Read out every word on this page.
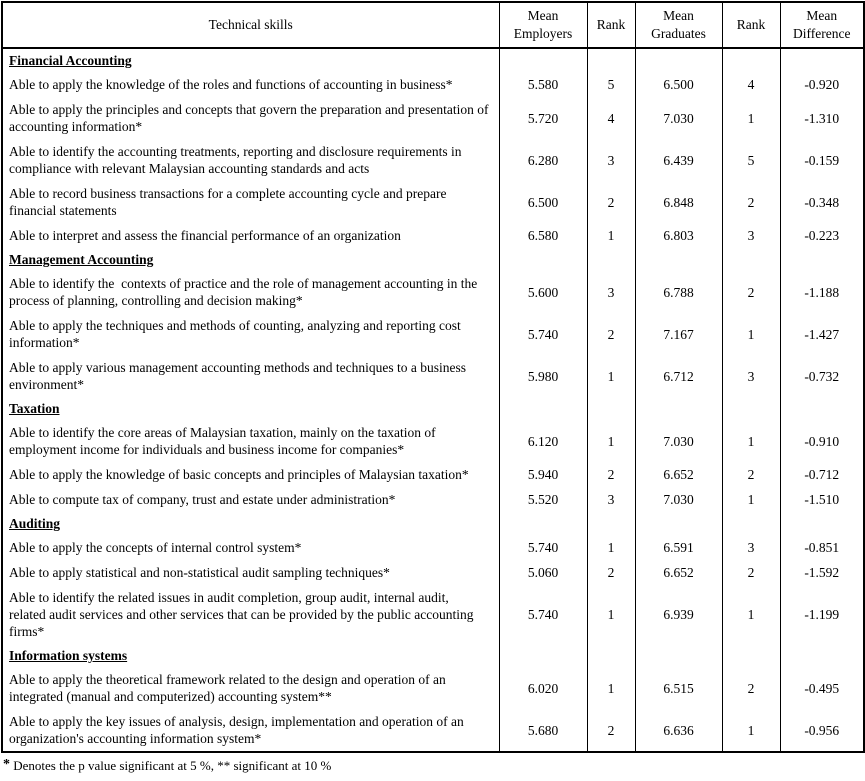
Technical skills	Mean Employers	Rank	Mean Graduates	Rank	Mean Difference
Financial Accounting					
Able to apply the knowledge of the roles and functions of accounting in business*	5.580	5	6.500	4	-0.920
Able to apply the principles and concepts that govern the preparation and presentation of accounting information*	5.720	4	7.030	1	-1.310
Able to identify the accounting treatments, reporting and disclosure requirements in compliance with relevant Malaysian accounting standards and acts	6.280	3	6.439	5	-0.159
Able to record business transactions for a complete accounting cycle and prepare financial statements	6.500	2	6.848	2	-0.348
Able to interpret and assess the financial performance of an organization	6.580	1	6.803	3	-0.223
Management Accounting					
Able to identify the  contexts of practice and the role of management accounting in the process of planning, controlling and decision making*	5.600	3	6.788	2	-1.188
Able to apply the techniques and methods of counting, analyzing and reporting cost information*	5.740	2	7.167	1	-1.427
Able to apply various management accounting methods and techniques to a business environment*	5.980	1	6.712	3	-0.732
Taxation					
Able to identify the core areas of Malaysian taxation, mainly on the taxation of employment income for individuals and business income for companies*	6.120	1	7.030	1	-0.910
Able to apply the knowledge of basic concepts and principles of Malaysian taxation*	5.940	2	6.652	2	-0.712
Able to compute tax of company, trust and estate under administration*	5.520	3	7.030	1	-1.510
Auditing					
Able to apply the concepts of internal control system*	5.740	1	6.591	3	-0.851
Able to apply statistical and non-statistical audit sampling techniques*	5.060	2	6.652	2	-1.592
Able to identify the related issues in audit completion, group audit, internal audit, related audit services and other services that can be provided by the public accounting firms*	5.740	1	6.939	1	-1.199
Information systems					
Able to apply the theoretical framework related to the design and operation of an integrated (manual and computerized) accounting system**	6.020	1	6.515	2	-0.495
Able to apply the key issues of analysis, design, implementation and operation of an organization's accounting information system*	5.680	2	6.636	1	-0.956
* Denotes the p value significant at 5 %, ** significant at 10 %
